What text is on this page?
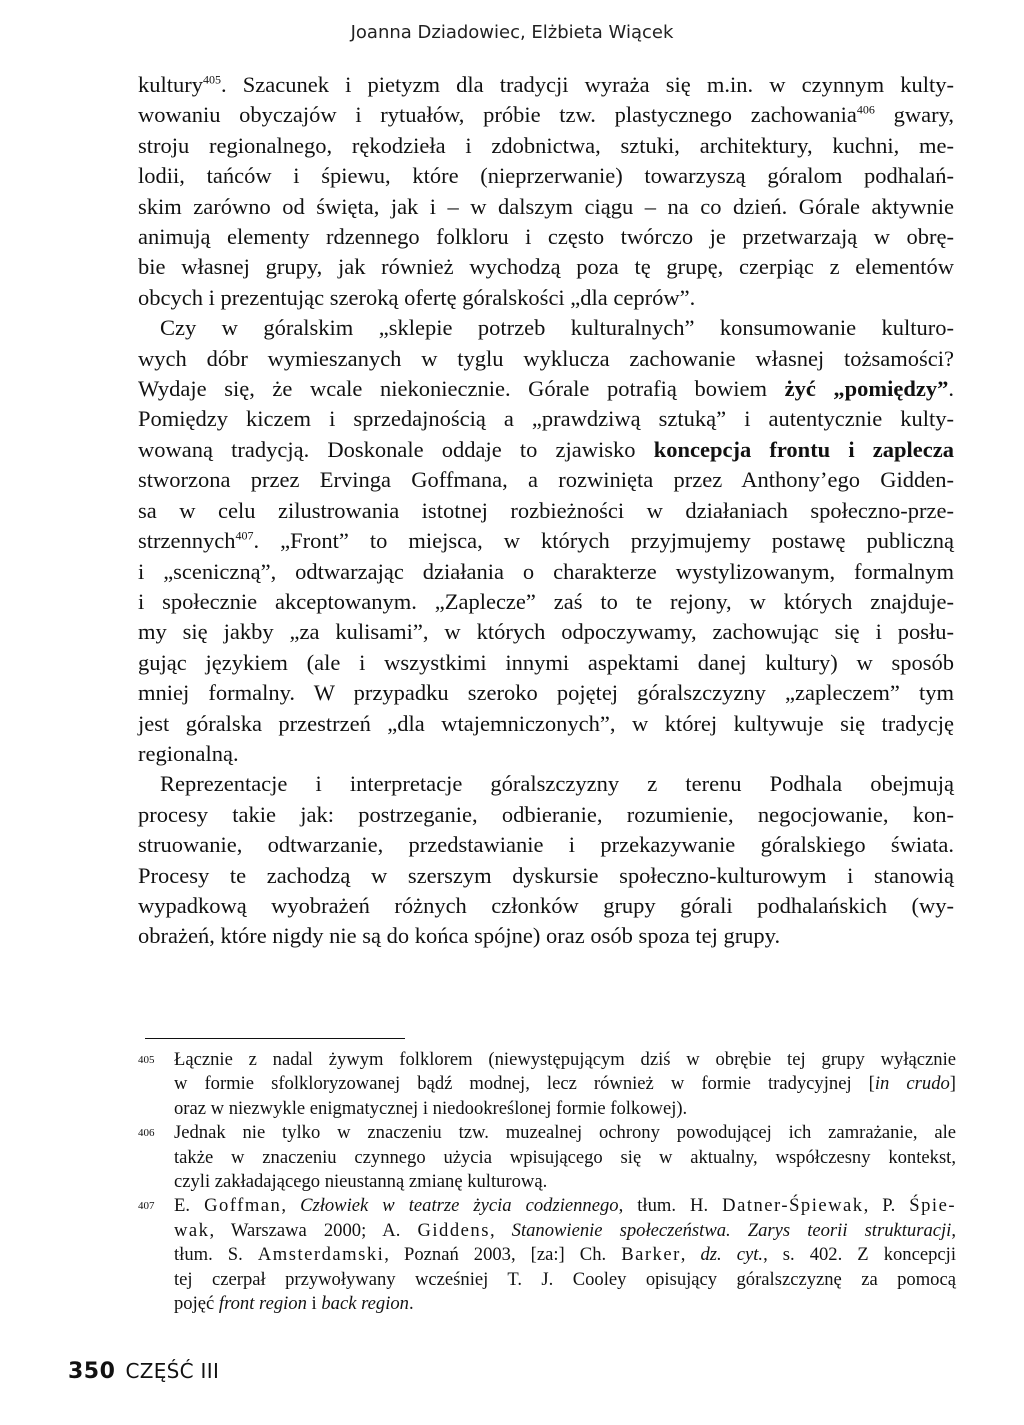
Joanna Dziadowiec, Elżbieta Wiącek

kultury$^{405}$. Szacunek i pietyzm dla tradycji wyraża się m.in. w czynnym kulty-
wowaniu obyczajów i rytuałów, próbie tzw. plastycznego zachowania$^{406}$ gwary,
stroju regionalnego, rękodzieła i zdobnictwa, sztuki, architektury, kuchni, me-
lodii, tańców i śpiewu, które (nieprzerwanie) towarzyszą góralom podhalań-
skim zarówno od święta, jak i – w dalszym ciągu – na co dzień. Górale aktywnie
animują elementy rdzennego folkloru i często twórczo je przetwarzają w obrę-
bie własnej grupy, jak również wychodzą poza tę grupę, czerpiąc z elementów
obcych i prezentując szeroką ofertę góralskości „dla ceprów”.

Czy w góralskim „sklepie potrzeb kulturalnych” konsumowanie kulturo-
wych dóbr wymieszanych w tyglu wyklucza zachowanie własnej tożsamości?
Wydaje się, że wcale niekoniecznie. Górale potrafią bowiem żyć „pomiędzy”.
Pomiędzy kiczem i sprzedajnością a „prawdziwą sztuką” i autentycznie kulty-
wowaną tradycją. Doskonale oddaje to zjawisko koncepcja frontu i zaplecza
stworzona przez Ervinga Goffmana, a rozwinięta przez Anthony’ego Gidden-
sa w celu zilustrowania istotnej rozbieżności w działaniach społeczno-prze-
strzennych$^{407}$. „Front” to miejsca, w których przyjmujemy postawę publiczną
i „sceniczną”, odtwarzając działania o charakterze wystylizowanym, formalnym
i społecznie akceptowanym. „Zaplecze” zaś to te rejony, w których znajduje-
my się jakby „za kulisami”, w których odpoczywamy, zachowując się i posłu-
gując językiem (ale i wszystkimi innymi aspektami danej kultury) w sposób
mniej formalny. W przypadku szeroko pojętej góralszczyzny „zapleczem” tym
jest góralska przestrzeń „dla wtajemniczonych”, w której kultywuje się tradycję
regionalną.

Reprezentacje i interpretacje góralszczyzny z terenu Podhala obejmują
procesy takie jak: postrzeganie, odbieranie, rozumienie, negocjowanie, kon-
struowanie, odtwarzanie, przedstawianie i przekazywanie góralskiego świata.
Procesy te zachodzą w szerszym dyskursie społeczno-kulturowym i stanowią
wypadkową wyobrażeń różnych członków grupy górali podhalańskich (wy-
obrażeń, które nigdy nie są do końca spójne) oraz osób spoza tej grupy.

405 Łącznie z nadal żywym folklorem (niewystępującym dziś w obrębie tej grupy wyłącznie
w formie sfolkloryzowanej bądź modnej, lecz również w formie tradycyjnej [in crudo]
oraz w niezwykle enigmatycznej i niedookreślonej formie folkowej).
406 Jednak nie tylko w znaczeniu tzw. muzealnej ochrony powodującej ich zamrażanie, ale
także w znaczeniu czynnego użycia wpisującego się w aktualny, współczesny kontekst,
czyli zakładającego nieustanną zmianę kulturową.
407 E. Goffman, Człowiek w teatrze życia codziennego, tłum. H. Datner-Śpiewak, P. Śpie-
wak, Warszawa 2000; A. Giddens, Stanowienie społeczeństwa. Zarys teorii strukturacji,
tłum. S. Amsterdamski, Poznań 2003, [za:] Ch. Barker, dz. cyt., s. 402. Z koncepcji
tej czerpał przywoływany wcześniej T. J. Cooley opisujący góralszczyznę za pomocą
pojęć front region i back region.
350 CZĘŚĆ III
